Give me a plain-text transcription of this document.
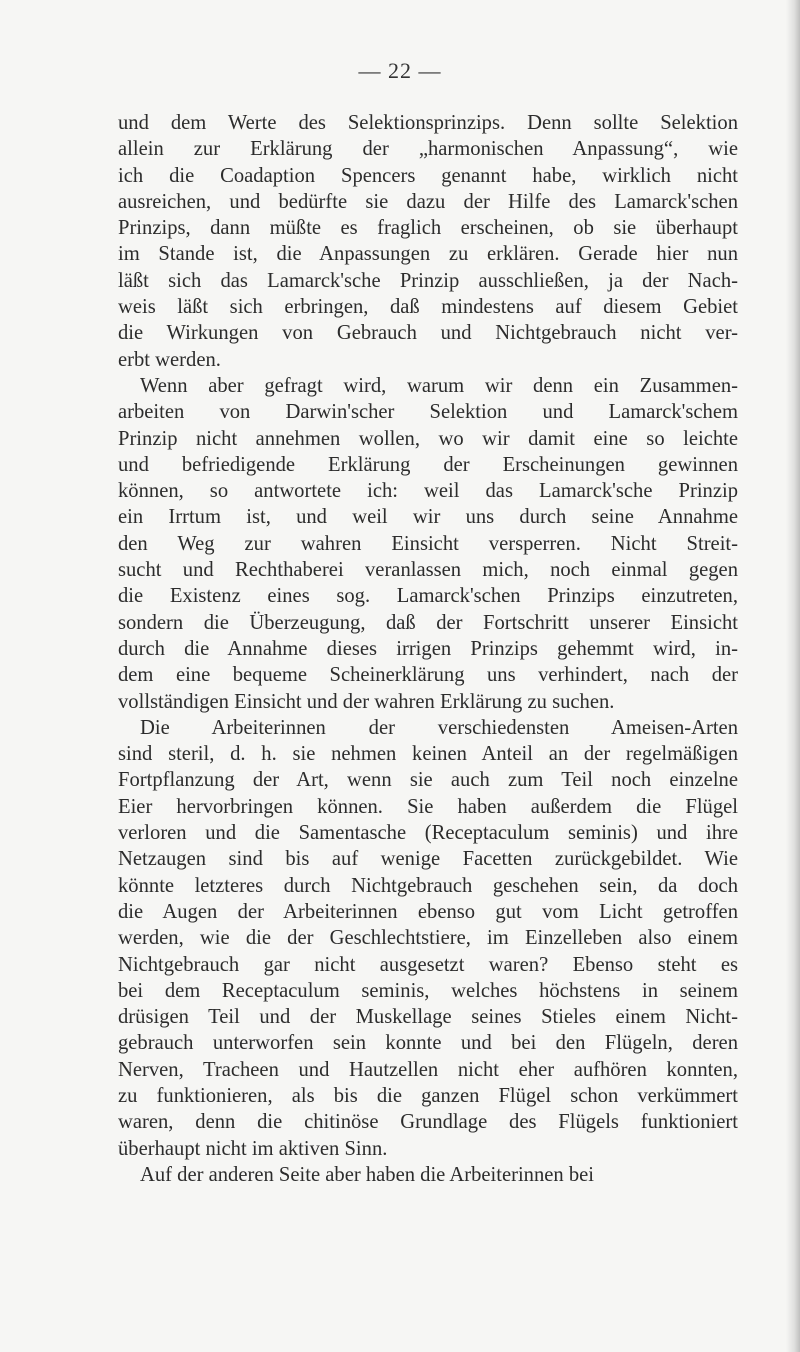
— 22 —
und dem Werte des Selektionsprinzips. Denn sollte Selektion
allein zur Erklärung der „harmonischen Anpassung“, wie
ich die Coadaption Spencers genannt habe, wirklich nicht
ausreichen, und bedürfte sie dazu der Hilfe des Lamarck'schen
Prinzips, dann müßte es fraglich erscheinen, ob sie überhaupt
im Stande ist, die Anpassungen zu erklären. Gerade hier nun
läßt sich das Lamarck'sche Prinzip ausschließen, ja der Nach-
weis läßt sich erbringen, daß mindestens auf diesem Gebiet
die Wirkungen von Gebrauch und Nichtgebrauch nicht ver-
erbt werden.
Wenn aber gefragt wird, warum wir denn ein Zusammen-
arbeiten von Darwin'scher Selektion und Lamarck'schem
Prinzip nicht annehmen wollen, wo wir damit eine so leichte
und befriedigende Erklärung der Erscheinungen gewinnen
können, so antwortete ich: weil das Lamarck'sche Prinzip
ein Irrtum ist, und weil wir uns durch seine Annahme
den Weg zur wahren Einsicht versperren. Nicht Streit-
sucht und Rechthaberei veranlassen mich, noch einmal gegen
die Existenz eines sog. Lamarck'schen Prinzips einzutreten,
sondern die Überzeugung, daß der Fortschritt unserer Einsicht
durch die Annahme dieses irrigen Prinzips gehemmt wird, in-
dem eine bequeme Scheinerklärung uns verhindert, nach der
vollständigen Einsicht und der wahren Erklärung zu suchen.
Die Arbeiterinnen der verschiedensten Ameisen-Arten
sind steril, d. h. sie nehmen keinen Anteil an der regelmäßigen
Fortpflanzung der Art, wenn sie auch zum Teil noch einzelne
Eier hervorbringen können. Sie haben außerdem die Flügel
verloren und die Samentasche (Receptaculum seminis) und ihre
Netzaugen sind bis auf wenige Facetten zurückgebildet. Wie
könnte letzteres durch Nichtgebrauch geschehen sein, da doch
die Augen der Arbeiterinnen ebenso gut vom Licht getroffen
werden, wie die der Geschlechtstiere, im Einzelleben also einem
Nichtgebrauch gar nicht ausgesetzt waren? Ebenso steht es
bei dem Receptaculum seminis, welches höchstens in seinem
drüsigen Teil und der Muskellage seines Stieles einem Nicht-
gebrauch unterworfen sein konnte und bei den Flügeln, deren
Nerven, Tracheen und Hautzellen nicht eher aufhören konnten,
zu funktionieren, als bis die ganzen Flügel schon verkümmert
waren, denn die chitinöse Grundlage des Flügels funktioniert
überhaupt nicht im aktiven Sinn.
Auf der anderen Seite aber haben die Arbeiterinnen bei
